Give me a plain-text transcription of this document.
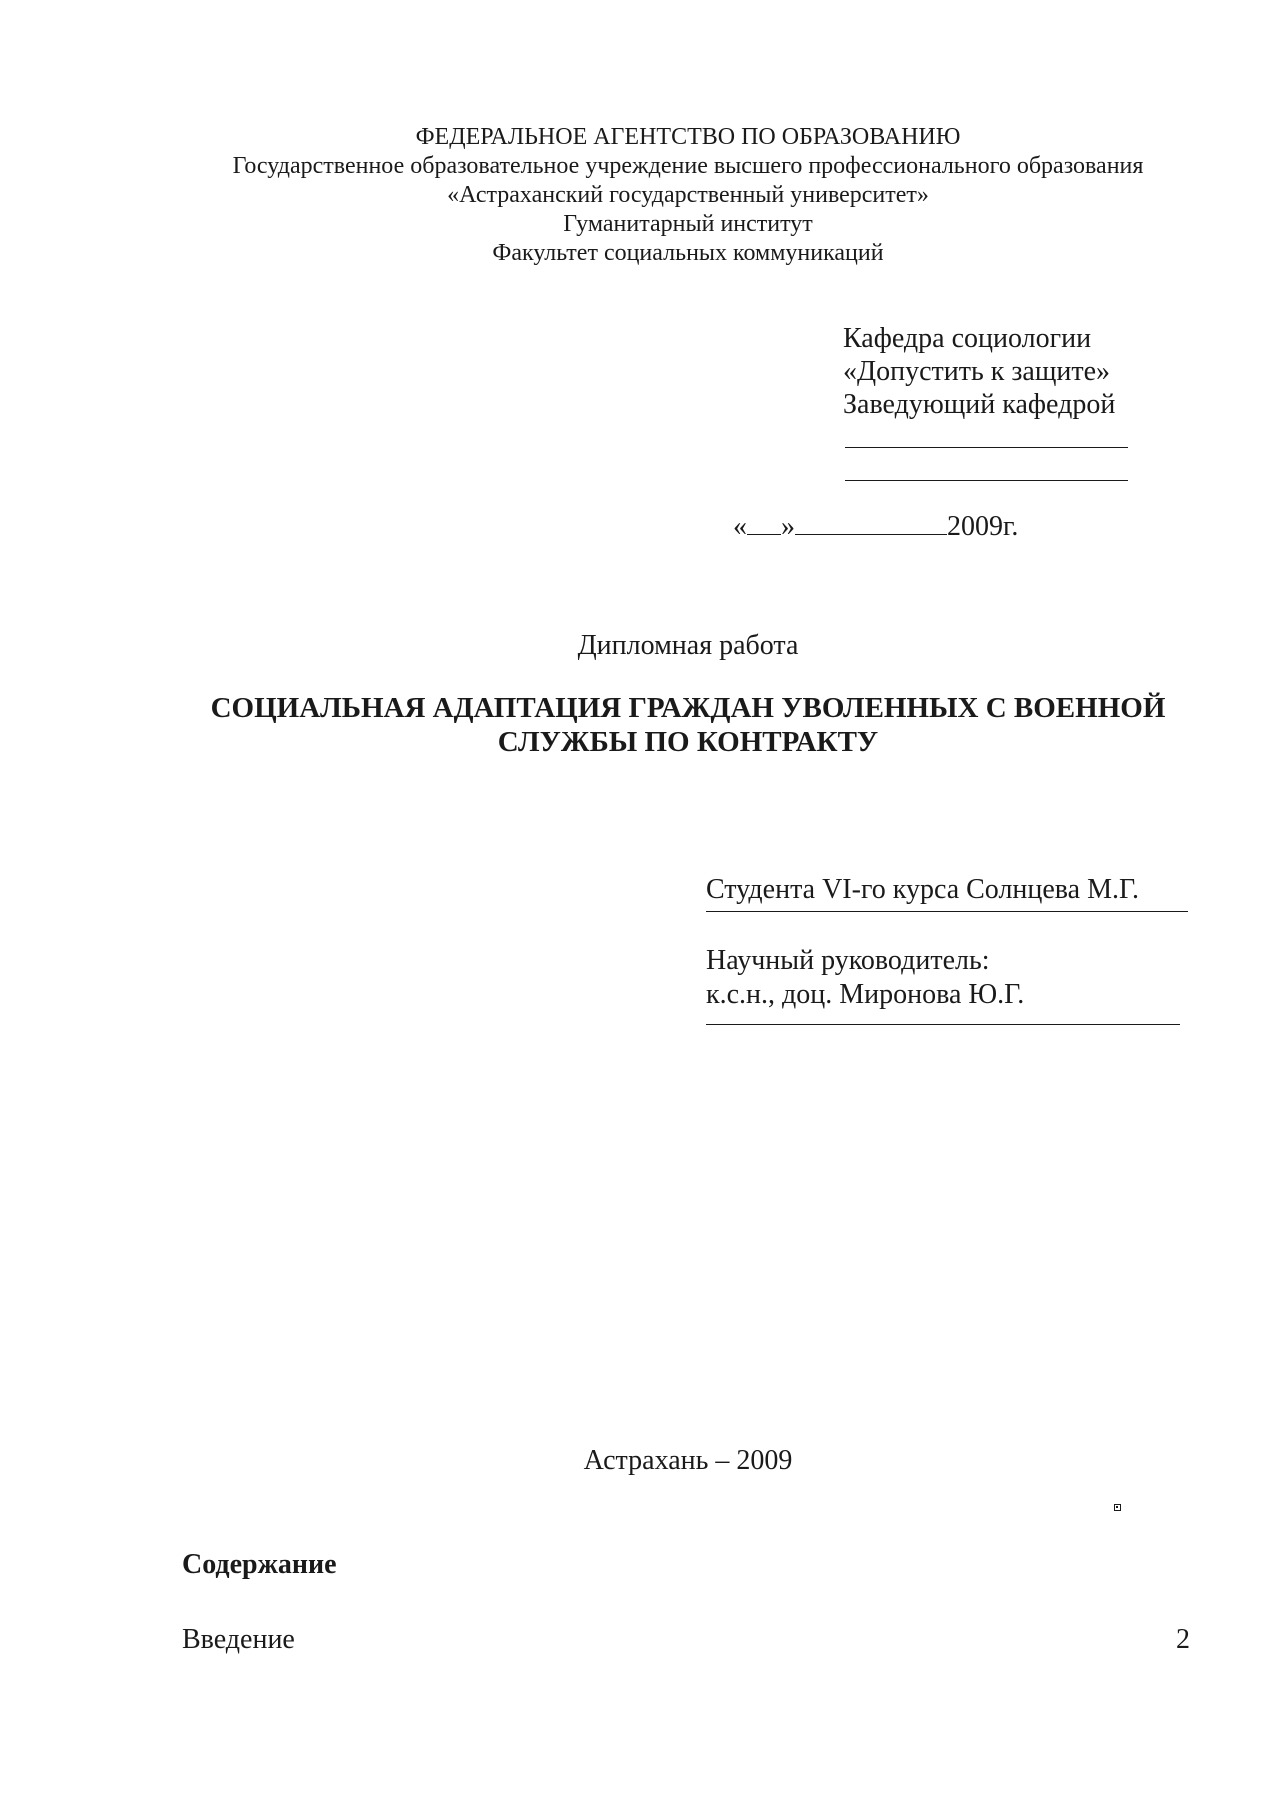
ФЕДЕРАЛЬНОЕ АГЕНТСТВО ПО ОБРАЗОВАНИЮ
Государственное образовательное учреждение высшего профессионального образования
«Астраханский государственный университет»
Гуманитарный институт
Факультет социальных коммуникаций
Кафедра социологии
«Допустить к защите»
Заведующий кафедрой
« »	2009г.
Дипломная работа
СОЦИАЛЬНАЯ АДАПТАЦИЯ ГРАЖДАН УВОЛЕННЫХ С ВОЕННОЙ
СЛУЖБЫ ПО КОНТРАКТУ
Студента VI-го курса Солнцева М.Г.
Научный руководитель:
к.с.н., доц. Миронова Ю.Г.
Астрахань – 2009
Содержание
Введение	2
